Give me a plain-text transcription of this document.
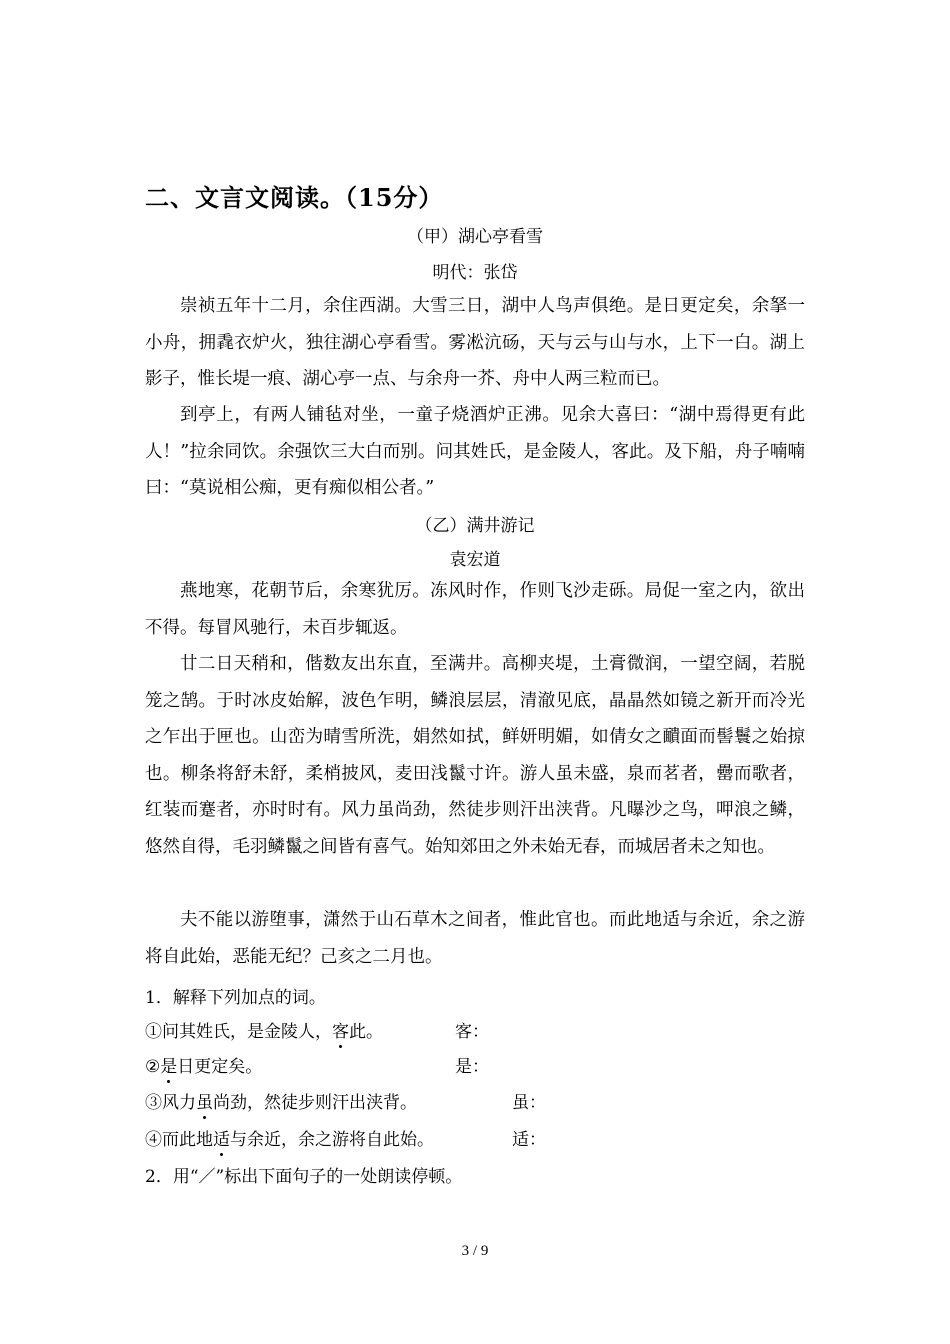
二、文言文阅读。（15分）
（甲）湖心亭看雪
明代：张岱

崇祯五年十二月，余住西湖。大雪三日，湖中人鸟声俱绝。是日更定矣，余拏一小舟，拥毳衣炉火，独往湖心亭看雪。雾凇沆砀，天与云与山与水，上下一白。湖上影子，惟长堤一痕、湖心亭一点、与余舟一芥、舟中人两三粒而已。

到亭上，有两人铺毡对坐，一童子烧酒炉正沸。见余大喜曰：“湖中焉得更有此人！”拉余同饮。余强饮三大白而别。问其姓氏，是金陵人，客此。及下船，舟子喃喃曰：“莫说相公痴，更有痴似相公者。”

（乙）满井游记
袁宏道

燕地寒，花朝节后，余寒犹厉。冻风时作，作则飞沙走砾。局促一室之内，欲出不得。每冒风驰行，未百步辄返。

廿二日天稍和，偕数友出东直，至满井。高柳夹堤，土膏微润，一望空阔，若脱笼之鹄。于时冰皮始解，波色乍明，鳞浪层层，清澈见底，晶晶然如镜之新开而冷光之乍出于匣也。山峦为晴雪所洗，娟然如拭，鲜妍明媚，如倩女之靧面而髻鬟之始掠也。柳条将舒未舒，柔梢披风，麦田浅鬣寸许。游人虽未盛，泉而茗者，罍而歌者，红装而蹇者，亦时时有。风力虽尚劲，然徒步则汗出浃背。凡曝沙之鸟，呷浪之鳞，悠然自得，毛羽鳞鬣之间皆有喜气。始知郊田之外未始无春，而城居者未之知也。

夫不能以游堕事，潇然于山石草木之间者，惟此官也。而此地适与余近，余之游将自此始，恶能无纪？己亥之二月也。

1．解释下列加点的词。
①问其姓氏，是金陵人，客此。	客：
②是日更定矣。	是：
③风力虽尚劲，然徒步则汗出浃背。	虽：
④而此地适与余近，余之游将自此始。	适：
2．用“／”标出下面句子的一处朗读停顿。
3 / 9
